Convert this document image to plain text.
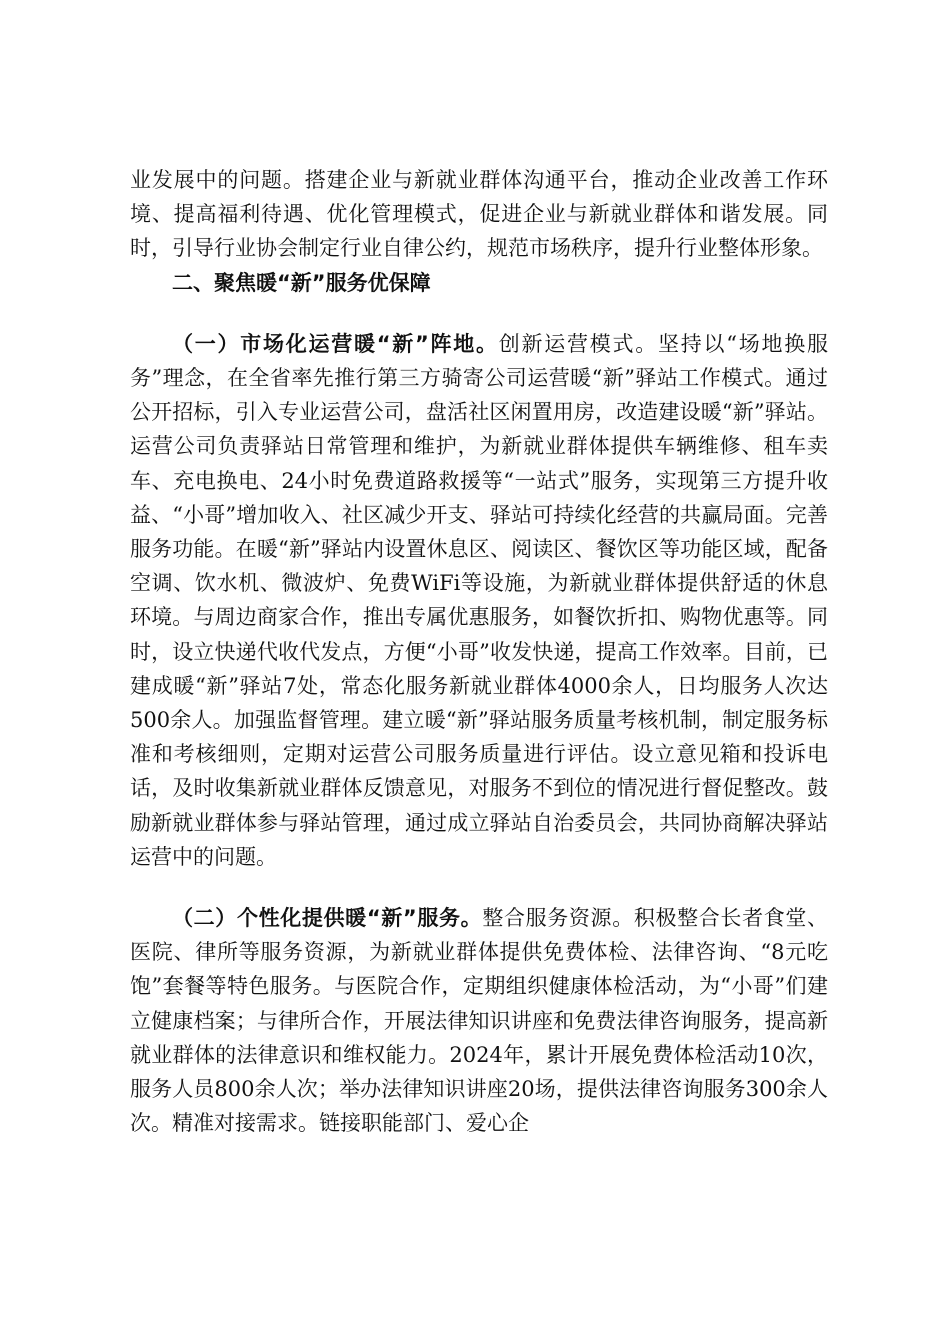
业发展中的问题。搭建企业与新就业群体沟通平台，推动企业改善工作环境、提高福利待遇、优化管理模式，促进企业与新就业群体和谐发展。同时，引导行业协会制定行业自律公约，规范市场秩序，提升行业整体形象。

二、聚焦暖“新”服务优保障

（一）市场化运营暖“新”阵地。创新运营模式。坚持以“场地换服务”理念，在全省率先推行第三方骑寄公司运营暖“新”驿站工作模式。通过公开招标，引入专业运营公司，盘活社区闲置用房，改造建设暖“新”驿站。运营公司负责驿站日常管理和维护，为新就业群体提供车辆维修、租车卖车、充电换电、24小时免费道路救援等“一站式”服务，实现第三方提升收益、“小哥”增加收入、社区减少开支、驿站可持续化经营的共赢局面。完善服务功能。在暖“新”驿站内设置休息区、阅读区、餐饮区等功能区域，配备空调、饮水机、微波炉、免费WiFi等设施，为新就业群体提供舒适的休息环境。与周边商家合作，推出专属优惠服务，如餐饮折扣、购物优惠等。同时，设立快递代收代发点，方便“小哥”收发快递，提高工作效率。目前，已建成暖“新”驿站7处，常态化服务新就业群体4000余人，日均服务人次达500余人。加强监督管理。建立暖“新”驿站服务质量考核机制，制定服务标准和考核细则，定期对运营公司服务质量进行评估。设立意见箱和投诉电话，及时收集新就业群体反馈意见，对服务不到位的情况进行督促整改。鼓励新就业群体参与驿站管理，通过成立驿站自治委员会，共同协商解决驿站运营中的问题。

（二）个性化提供暖“新”服务。整合服务资源。积极整合长者食堂、医院、律所等服务资源，为新就业群体提供免费体检、法律咨询、“8元吃饱”套餐等特色服务。与医院合作，定期组织健康体检活动，为“小哥”们建立健康档案；与律所合作，开展法律知识讲座和免费法律咨询服务，提高新就业群体的法律意识和维权能力。2024年，累计开展免费体检活动10次，服务人员800余人次；举办法律知识讲座20场，提供法律咨询服务300余人次。精准对接需求。链接职能部门、爱心企
